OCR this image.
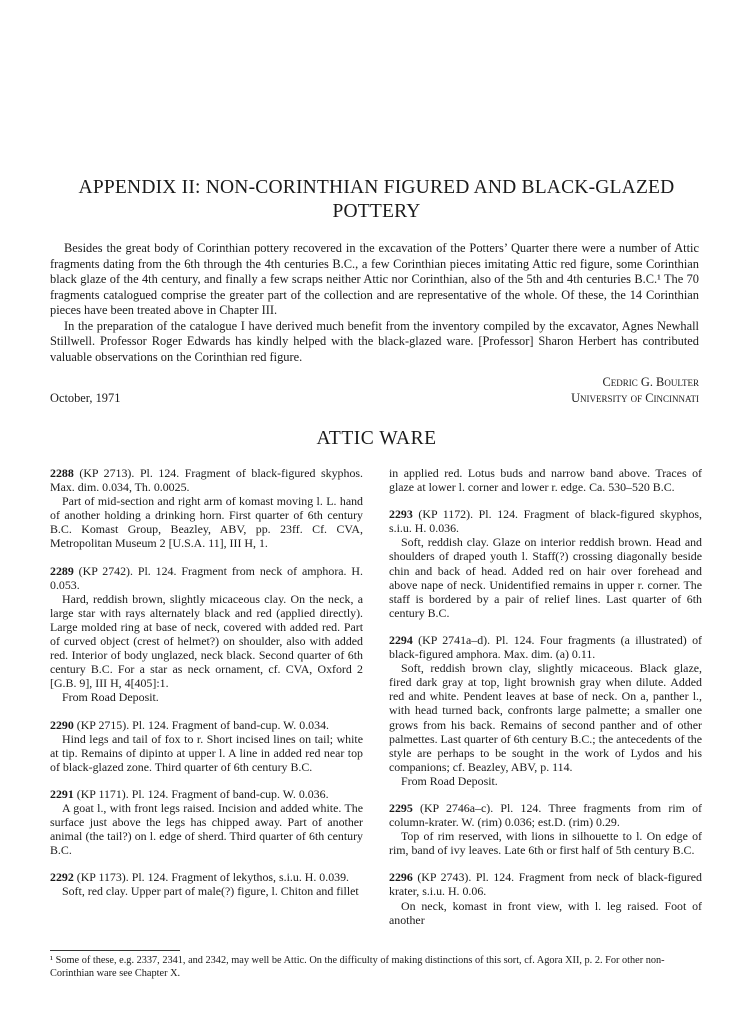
APPENDIX II: NON-CORINTHIAN FIGURED AND BLACK-GLAZED POTTERY

Besides the great body of Corinthian pottery recovered in the excavation of the Potters’ Quarter there were a number of Attic fragments dating from the 6th through the 4th centuries B.C., a few Corinthian pieces imitating Attic red figure, some Corinthian black glaze of the 4th century, and finally a few scraps neither Attic nor Corinthian, also of the 5th and 4th centuries B.C.¹ The 70 fragments catalogued comprise the greater part of the collection and are representative of the whole. Of these, the 14 Corinthian pieces have been treated above in Chapter III.

In the preparation of the catalogue I have derived much benefit from the inventory compiled by the excavator, Agnes Newhall Stillwell. Professor Roger Edwards has kindly helped with the black-glazed ware. [Professor] Sharon Herbert has contributed valuable observations on the Corinthian red figure.

Cedric G. Boulter
University of Cincinnati
October, 1971
ATTIC WARE

2288 (KP 2713). Pl. 124. Fragment of black-figured skyphos. Max. dim. 0.034, Th. 0.0025.

Part of mid-section and right arm of komast moving l. L. hand of another holding a drinking horn. First quarter of 6th century B.C. Komast Group, Beazley, ABV, pp. 23ff. Cf. CVA, Metropolitan Museum 2 [U.S.A. 11], III H, 1.

2289 (KP 2742). Pl. 124. Fragment from neck of amphora. H. 0.053.

Hard, reddish brown, slightly micaceous clay. On the neck, a large star with rays alternately black and red (applied directly). Large molded ring at base of neck, covered with added red. Part of curved object (crest of helmet?) on shoulder, also with added red. Interior of body unglazed, neck black. Second quarter of 6th century B.C. For a star as neck ornament, cf. CVA, Oxford 2 [G.B. 9], III H, 4[405]:1.

From Road Deposit.

2290 (KP 2715). Pl. 124. Fragment of band-cup. W. 0.034.

Hind legs and tail of fox to r. Short incised lines on tail; white at tip. Remains of dipinto at upper l. A line in added red near top of black-glazed zone. Third quarter of 6th century B.C.

2291 (KP 1171). Pl. 124. Fragment of band-cup. W. 0.036.

A goat l., with front legs raised. Incision and added white. The surface just above the legs has chipped away. Part of another animal (the tail?) on l. edge of sherd. Third quarter of 6th century B.C.

2292 (KP 1173). Pl. 124. Fragment of lekythos, s.i.u. H. 0.039.

Soft, red clay. Upper part of male(?) figure, l. Chiton and fillet

in applied red. Lotus buds and narrow band above. Traces of glaze at lower l. corner and lower r. edge. Ca. 530–520 B.C.

2293 (KP 1172). Pl. 124. Fragment of black-figured skyphos, s.i.u. H. 0.036.

Soft, reddish clay. Glaze on interior reddish brown. Head and shoulders of draped youth l. Staff(?) crossing diagonally beside chin and back of head. Added red on hair over forehead and above nape of neck. Unidentified remains in upper r. corner. The staff is bordered by a pair of relief lines. Last quarter of 6th century B.C.

2294 (KP 2741a–d). Pl. 124. Four fragments (a illustrated) of black-figured amphora. Max. dim. (a) 0.11.

Soft, reddish brown clay, slightly micaceous. Black glaze, fired dark gray at top, light brownish gray when dilute. Added red and white. Pendent leaves at base of neck. On a, panther l., with head turned back, confronts large palmette; a smaller one grows from his back. Remains of second panther and of other palmettes. Last quarter of 6th century B.C.; the antecedents of the style are perhaps to be sought in the work of Lydos and his companions; cf. Beazley, ABV, p. 114.

From Road Deposit.

2295 (KP 2746a–c). Pl. 124. Three fragments from rim of column-krater. W. (rim) 0.036; est.D. (rim) 0.29.

Top of rim reserved, with lions in silhouette to l. On edge of rim, band of ivy leaves. Late 6th or first half of 5th century B.C.

2296 (KP 2743). Pl. 124. Fragment from neck of black-figured krater, s.i.u. H. 0.06.

On neck, komast in front view, with l. leg raised. Foot of another

¹ Some of these, e.g. 2337, 2341, and 2342, may well be Attic. On the difficulty of making distinctions of this sort, cf. Agora XII, p. 2. For other non-Corinthian ware see Chapter X.
